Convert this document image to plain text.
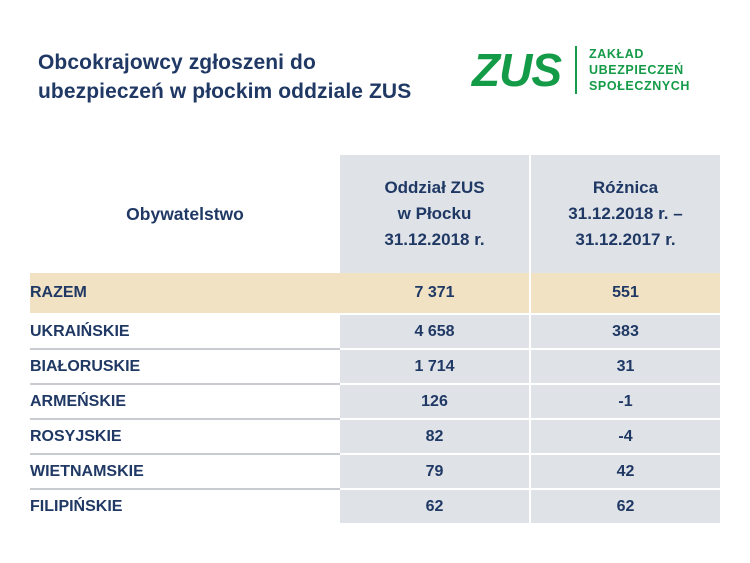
Obcokrajowcy zgłoszeni do ubezpieczeń w płockim oddziale ZUS ZUS	ZAKŁAD
UBEZPIECZEŃ
SPOŁECZNYCH
Obywatelstwo	
Oddział ZUS
w Płocku
31.12.2018 r.

Różnica
31.12.2018 r. –
31.12.2017 r.

RAZEM	7 371	551
UKRAIŃSKIE	4 658	383
BIAŁORUSKIE	1 714	31
ARMEŃSKIE	126	-1
ROSYJSKIE	82	-4
WIETNAMSKIE	79	42
FILIPIŃSKIE	62	62
